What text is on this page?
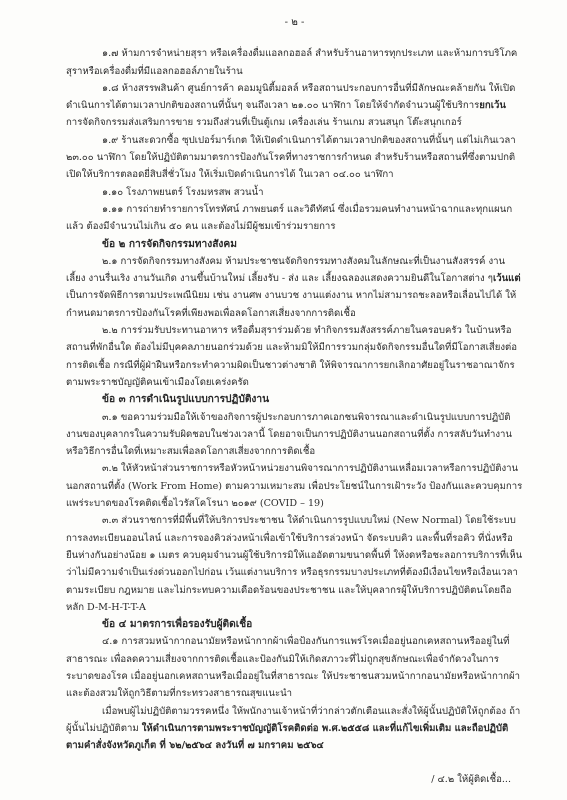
- ๒ -

๑.๗ ห้ามการจำหน่ายสุรา หรือเครื่องดื่มแอลกอฮอล์ สำหรับร้านอาหารทุกประเภท และห้ามการบริโภคสุราหรือเครื่องดื่มที่มีแอลกอฮอล์ภายในร้าน

๑.๘ ห้างสรรพสินค้า ศูนย์การค้า คอมมูนิตี้มอลล์ หรือสถานประกอบการอื่นที่มีลักษณะคล้ายกัน ให้เปิดดำเนินการได้ตามเวลาปกติของสถานที่นั้นๆ จนถึงเวลา ๒๑.๐๐ นาฬิกา โดยให้จำกัดจำนวนผู้ใช้บริการยกเว้น การจัดกิจกรรมส่งเสริมการขาย รวมถึงส่วนที่เป็นตู้เกม เครื่องเล่น ร้านเกม สวนสนุก โต๊ะสนุกเกอร์

๑.๙ ร้านสะดวกซื้อ ซุปเปอร์มาร์เกต ให้เปิดดำเนินการได้ตามเวลาปกติของสถานที่นั้นๆ แต่ไม่เกินเวลา ๒๓.๐๐ นาฬิกา โดยให้ปฏิบัติตามมาตรการป้องกันโรคที่ทางราชการกำหนด สำหรับร้านหรือสถานที่ซึ่งตามปกติเปิดให้บริการตลอดยี่สิบสี่ชั่วโมง ให้เริ่มเปิดดำเนินการได้ ในเวลา ๐๔.๐๐ นาฬิกา

๑.๑๐ โรงภาพยนตร์ โรงมหรสพ สวนน้ำ

๑.๑๑ การถ่ายทำรายการโทรทัศน์ ภาพยนตร์ และวิดีทัศน์ ซึ่งเมื่อรวมคนทำงานหน้าฉากและทุกแผนกแล้ว ต้องมีจำนวนไม่เกิน ๕๐ คน และต้องไม่มีผู้ชมเข้าร่วมรายการ

ข้อ ๒ การจัดกิจกรรมทางสังคม

๒.๑ การจัดกิจกรรมทางสังคม ห้ามประชาชนจัดกิจกรรมทางสังคมในลักษณะที่เป็นงานสังสรรค์ งานเลี้ยง งานรื่นเริง งานวันเกิด งานขึ้นบ้านใหม่ เลี้ยงรับ - ส่ง และ เลี้ยงฉลองแสดงความยินดีในโอกาสต่าง ๆเว้นแต่ เป็นการจัดพิธีการตามประเพณีนิยม เช่น งานศพ งานบวช งานแต่งงาน หากไม่สามารถชะลอหรือเลื่อนไปได้ ให้กำหนดมาตรการป้องกันโรคที่เพียงพอเพื่อลดโอกาสเสี่ยงจากการติดเชื้อ

๒.๒ การร่วมรับประทานอาหาร หรือดื่มสุราร่วมด้วย ทำกิจกรรมสังสรรค์ภายในครอบครัว ในบ้านหรือสถานที่พักอื่นใด ต้องไม่มีบุคคลภายนอกร่วมด้วย และห้ามมิให้มีการรวมกลุ่มจัดกิจกรรมอื่นใดที่มีโอกาสเสี่ยงต่อการติดเชื้อ กรณีที่ผู้ฝ่าฝืนหรือกระทำความผิดเป็นชาวต่างชาติ ให้พิจารณาการยกเลิกอาศัยอยู่ในราชอาณาจักรตามพระราชบัญญัติคนเข้าเมืองโดยเคร่งครัด

ข้อ ๓ การดำเนินรูปแบบการปฏิบัติงาน

๓.๑ ขอความร่วมมือให้เจ้าของกิจการผู้ประกอบการภาคเอกชนพิจารณาและดำเนินรูปแบบการปฏิบัติงานของบุคลากรในความรับผิดชอบในช่วงเวลานี้ โดยอาจเป็นการปฏิบัติงานนอกสถานที่ตั้ง การสลับวันทำงาน หรือวิธีการอื่นใดที่เหมาะสมเพื่อลดโอกาสเสี่ยงจากการติดเชื้อ

๓.๒ ให้หัวหน้าส่วนราชการหรือหัวหน้าหน่วยงานพิจารณาการปฏิบัติงานเหลื่อมเวลาหรือการปฏิบัติงานนอกสถานที่ตั้ง (Work From Home) ตามความเหมาะสม เพื่อประโยชน์ในการเฝ้าระวัง ป้องกันและควบคุมการแพร่ระบาดของโรคติดเชื้อไวรัสโคโรนา ๒๐๑๙ (COVID – 19)

๓.๓ ส่วนราชการที่มีพื้นที่ให้บริการประชาชน ให้ดำเนินการรูปแบบใหม่ (New Normal) โดยใช้ระบบการลงทะเบียนออนไลน์ และการจองคิวล่วงหน้าเพื่อเข้าใช้บริการล่วงหน้า จัดระบบคิว และพื้นที่รอคิว ที่นั่งหรือยืนห่างกันอย่างน้อย ๑ เมตร ควบคุมจำนวนผู้ใช้บริการมิให้แออัดตามขนาดพื้นที่ ให้งดหรือชะลอการบริการที่เห็นว่าไม่มีความจำเป็นเร่งด่วนออกไปก่อน เว้นแต่งานบริการ หรือธุรกรรมบางประเภทที่ต้องมีเงื่อนไขหรือเงื่อนเวลาตามระเบียบ กฎหมาย และไม่กระทบความเดือดร้อนของประชาชน และให้บุคลากรผู้ให้บริการปฏิบัติตนโดยถือหลัก D-M-H-T-T-A

ข้อ ๔ มาตรการเพื่อรองรับผู้ติดเชื้อ

๔.๑ การสวมหน้ากากอนามัยหรือหน้ากากผ้าเพื่อป้องกันการแพร่โรคเมื่ออยู่นอกเคหสถานหรืออยู่ในที่สาธารณะ เพื่อลดความเสี่ยงจากการติดเชื้อและป้องกันมิให้เกิดสภาวะที่ไม่ถูกสุขลักษณะเพื่อจำกัดวงในการระบาดของโรค เมื่ออยู่นอกเคหสถานหรือเมื่ออยู่ในที่สาธารณะ ให้ประชาชนสวมหน้ากากอนามัยหรือหน้ากากผ้า และต้องสวมให้ถูกวิธีตามที่กระทรวงสาธารณสุขแนะนำ

เมื่อพบผู้ไม่ปฏิบัติตามวรรคหนึ่ง ให้พนักงานเจ้าหน้าที่ว่ากล่าวตักเตือนและสั่งให้ผู้นั้นปฏิบัติให้ถูกต้อง ถ้าผู้นั้นไม่ปฏิบัติตาม ให้ดำเนินการตามพระราชบัญญัติโรคติดต่อ พ.ศ.๒๕๕๘ และที่แก้ไขเพิ่มเติม และถือปฏิบัติตามคำสั่งจังหวัดภูเก็ต ที่ ๖๒/๒๕๖๔ ลงวันที่ ๗ มกราคม ๒๕๖๔

/ ๔.๒ ให้ผู้ติดเชื้อ...
